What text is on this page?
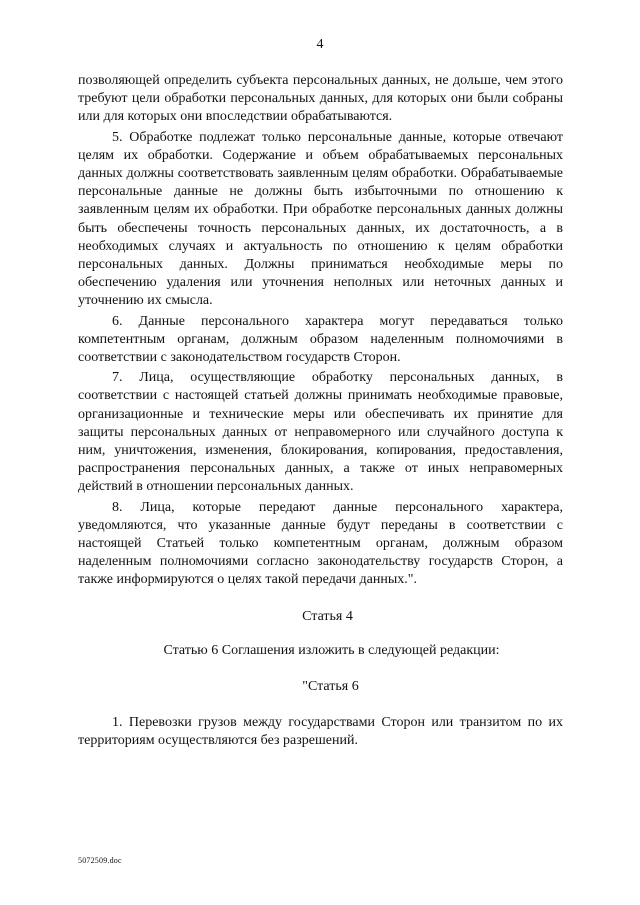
4

позволяющей определить субъекта персональных данных, не дольше, чем этого требуют цели обработки персональных данных, для которых они были собраны или для которых они впоследствии обрабатываются.

5. Обработке подлежат только персональные данные, которые отвечают целям их обработки. Содержание и объем обрабатываемых персональных данных должны соответствовать заявленным целям обработки. Обрабатываемые персональные данные не должны быть избыточными по отношению к заявленным целям их обработки. При обработке персональных данных должны быть обеспечены точность персональных данных, их достаточность, а в необходимых случаях и актуальность по отношению к целям обработки персональных данных. Должны приниматься необходимые меры по обеспечению удаления или уточнения неполных или неточных данных и уточнению их смысла.

6. Данные персонального характера могут передаваться только компетентным органам, должным образом наделенным полномочиями в соответствии с законодательством государств Сторон.

7. Лица, осуществляющие обработку персональных данных, в соответствии с настоящей статьей должны принимать необходимые правовые, организационные и технические меры или обеспечивать их принятие для защиты персональных данных от неправомерного или случайного доступа к ним, уничтожения, изменения, блокирования, копирования, предоставления, распространения персональных данных, а также от иных неправомерных действий в отношении персональных данных.

8. Лица, которые передают данные персонального характера, уведомляются, что указанные данные будут переданы в соответствии с настоящей Статьей только компетентным органам, должным образом наделенным полномочиями согласно законодательству государств Сторон, а также информируются о целях такой передачи данных.".

Статья 4

Статью 6 Соглашения изложить в следующей редакции:

"Статья 6

1. Перевозки грузов между государствами Сторон или транзитом по их территориям осуществляются без разрешений.

5072509.doc
